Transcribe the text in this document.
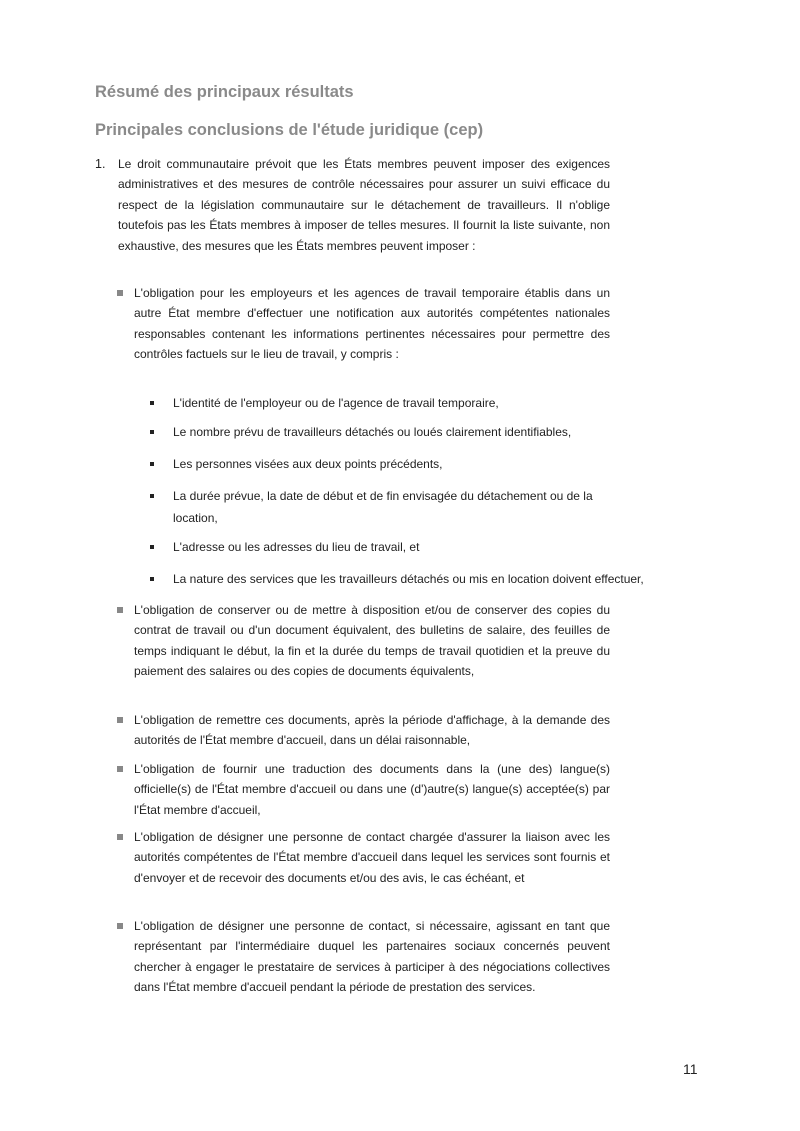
Résumé des principaux résultats
Principales conclusions de l'étude juridique (cep)
1. Le droit communautaire prévoit que les États membres peuvent imposer des exigences administratives et des mesures de contrôle nécessaires pour assurer un suivi efficace du respect de la législation communautaire sur le détachement de travailleurs. Il n'oblige toutefois pas les États membres à imposer de telles mesures. Il fournit la liste suivante, non exhaustive, des mesures que les États membres peuvent imposer :

L'obligation pour les employeurs et les agences de travail temporaire établis dans un autre État membre d'effectuer une notification aux autorités compétentes nationales responsables contenant les informations pertinentes nécessaires pour permettre des contrôles factuels sur le lieu de travail, y compris :

L'identité de l'employeur ou de l'agence de travail temporaire,
Le nombre prévu de travailleurs détachés ou loués clairement identifiables,
Les personnes visées aux deux points précédents,

La durée prévue, la date de début et de fin envisagée du détachement ou de la location,

L'adresse ou les adresses du lieu de travail, et
La nature des services que les travailleurs détachés ou mis en location doivent effectuer,

L'obligation de conserver ou de mettre à disposition et/ou de conserver des copies du contrat de travail ou d'un document équivalent, des bulletins de salaire, des feuilles de temps indiquant le début, la fin et la durée du temps de travail quotidien et la preuve du paiement des salaires ou des copies de documents équivalents,

L'obligation de remettre ces documents, après la période d'affichage, à la demande des autorités de l'État membre d'accueil, dans un délai raisonnable,

L'obligation de fournir une traduction des documents dans la (une des) langue(s) officielle(s) de l'État membre d'accueil ou dans une (d')autre(s) langue(s) acceptée(s) par l'État membre d'accueil,

L'obligation de désigner une personne de contact chargée d'assurer la liaison avec les autorités compétentes de l'État membre d'accueil dans lequel les services sont fournis et d'envoyer et de recevoir des documents et/ou des avis, le cas échéant, et

L'obligation de désigner une personne de contact, si nécessaire, agissant en tant que représentant par l'intermédiaire duquel les partenaires sociaux concernés peuvent chercher à engager le prestataire de services à participer à des négociations collectives dans l'État membre d'accueil pendant la période de prestation des services.

11
